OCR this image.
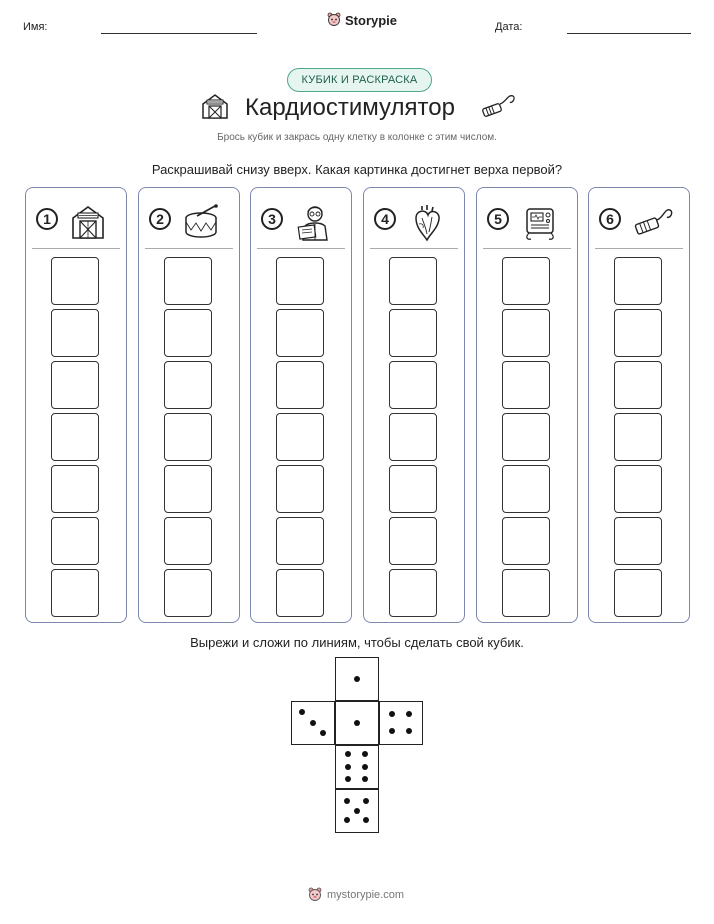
Имя:	Storypie	Дата:
КУБИК И РАСКРАСКА
Кардиостимулятор
Брось кубик и закрась одну клетку в колонке с этим числом.
Раскрашивай снизу вверх. Какая картинка достигнет верха первой?
1	2	3	4	5	6
Вырежи и сложи по линиям, чтобы сделать свой кубик.
mystorypie.com
